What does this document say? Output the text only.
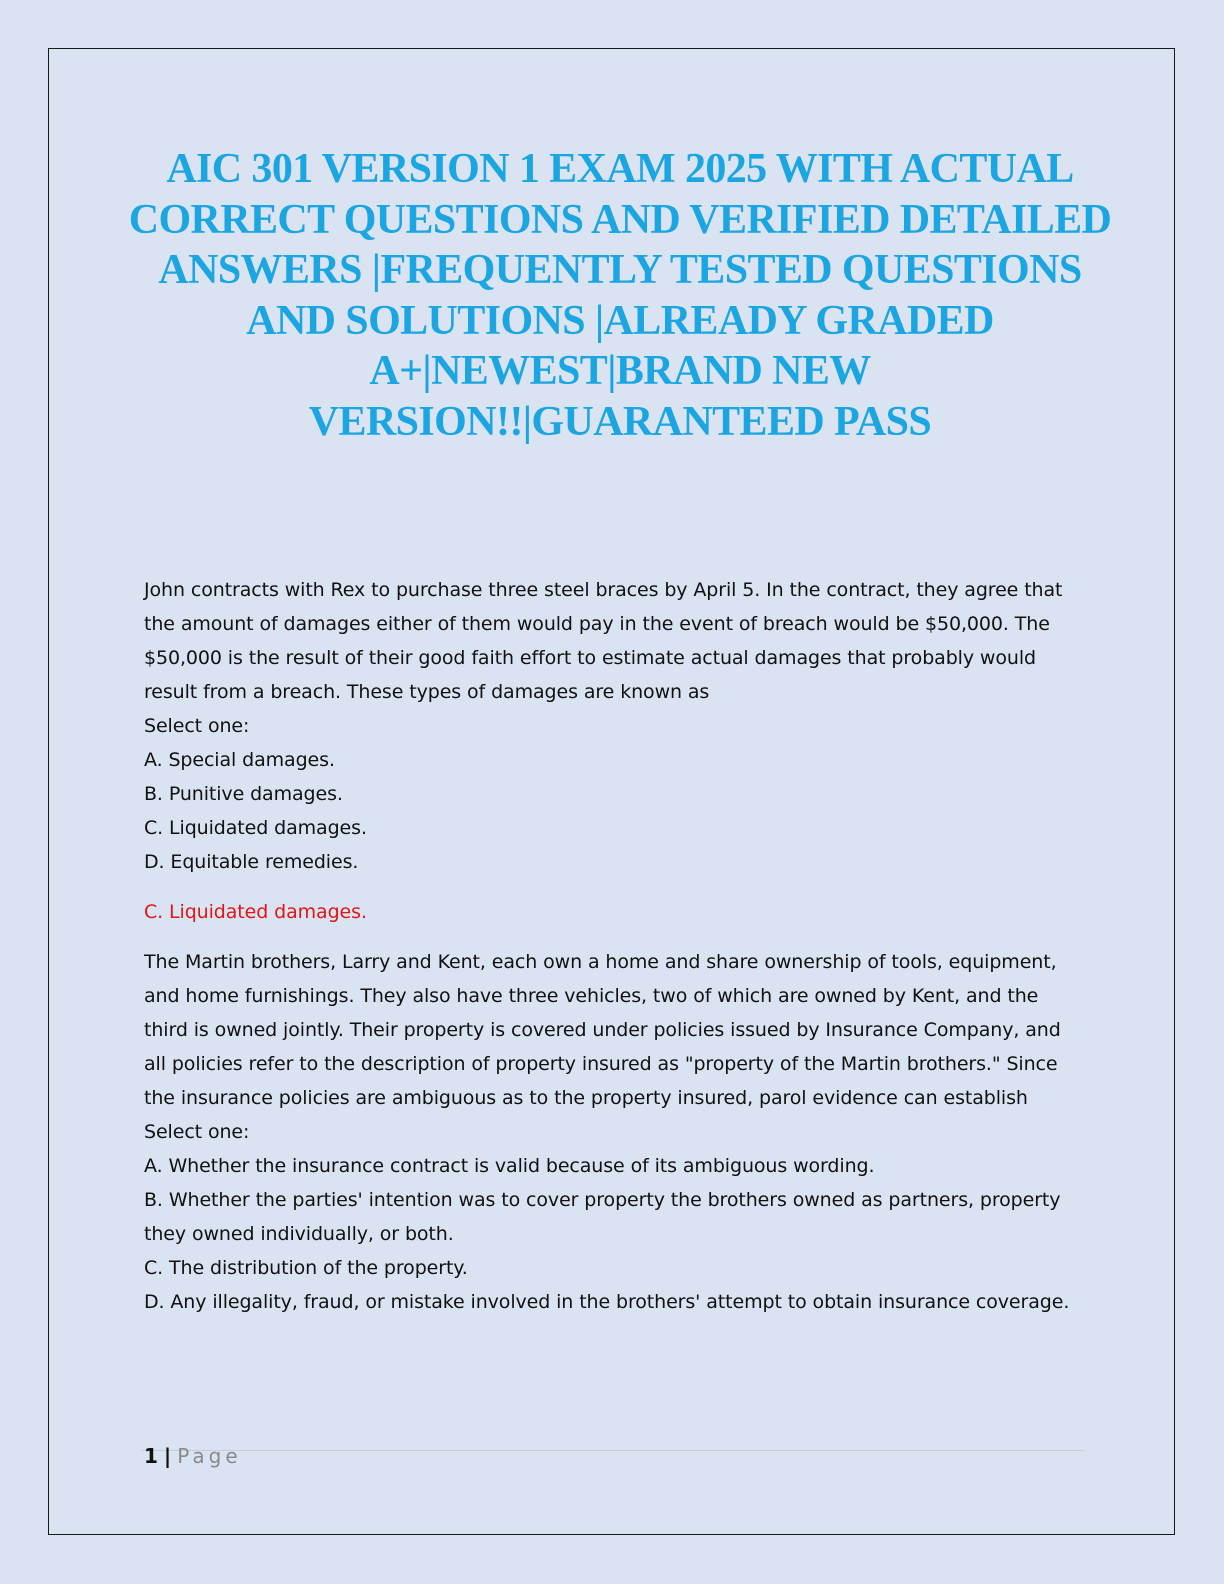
AIC 301 VERSION 1 EXAM 2025 WITH ACTUAL CORRECT QUESTIONS AND VERIFIED DETAILED ANSWERS |FREQUENTLY TESTED QUESTIONS AND SOLUTIONS |ALREADY GRADED A+|NEWEST|BRAND NEW VERSION!!|GUARANTEED PASS

John contracts with Rex to purchase three steel braces by April 5. In the contract, they agree that the amount of damages either of them would pay in the event of breach would be $50,000. The $50,000 is the result of their good faith effort to estimate actual damages that probably would result from a breach. These types of damages are known as

Select one:

A. Special damages.

B. Punitive damages.

C. Liquidated damages.

D. Equitable remedies.

C. Liquidated damages.

The Martin brothers, Larry and Kent, each own a home and share ownership of tools, equipment, and home furnishings. They also have three vehicles, two of which are owned by Kent, and the third is owned jointly. Their property is covered under policies issued by Insurance Company, and all policies refer to the description of property insured as "property of the Martin brothers." Since the insurance policies are ambiguous as to the property insured, parol evidence can establish

Select one:

A. Whether the insurance contract is valid because of its ambiguous wording.

B. Whether the parties' intention was to cover property the brothers owned as partners, property they owned individually, or both.

C. The distribution of the property.

D. Any illegality, fraud, or mistake involved in the brothers' attempt to obtain insurance coverage.

1 | Page
